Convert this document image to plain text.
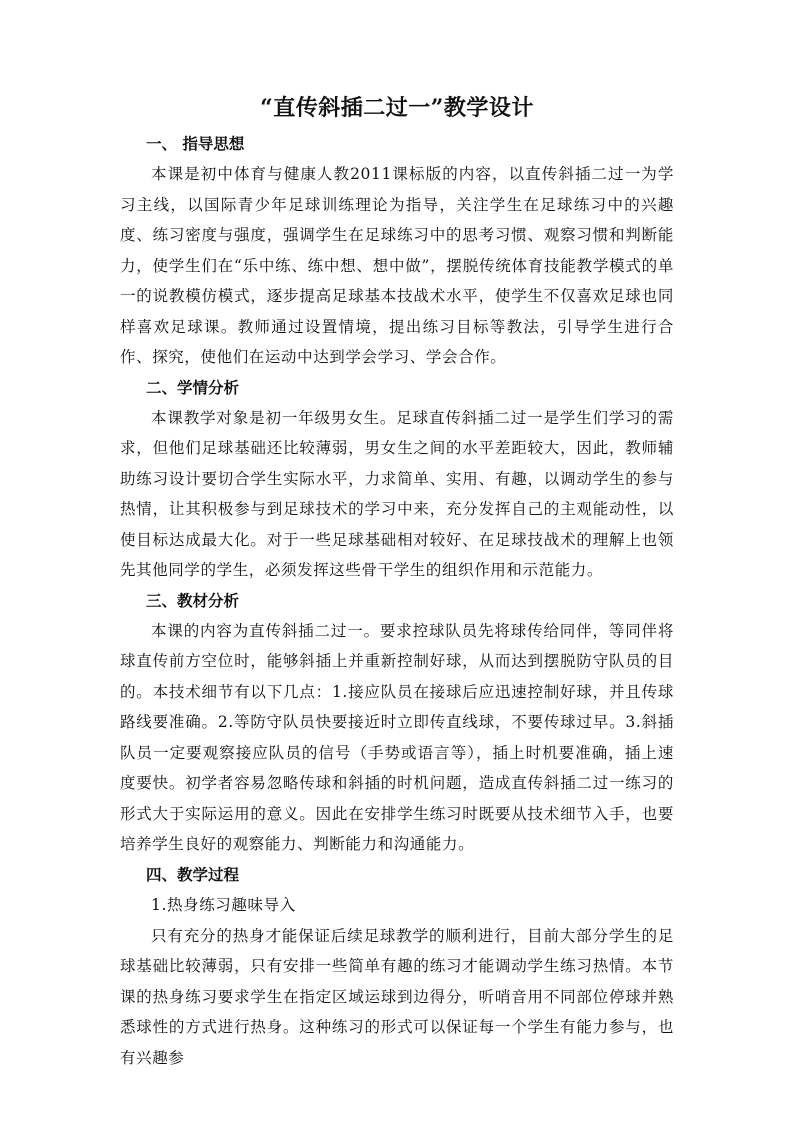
“直传斜插二过一”教学设计
一、 指导思想

本课是初中体育与健康人教2011课标版的内容，以直传斜插二过一为学习主线，以国际青少年足球训练理论为指导，关注学生在足球练习中的兴趣度、练习密度与强度，强调学生在足球练习中的思考习惯、观察习惯和判断能力，使学生们在“乐中练、练中想、想中做”，摆脱传统体育技能教学模式的单一的说教模仿模式，逐步提高足球基本技战术水平，使学生不仅喜欢足球也同样喜欢足球课。教师通过设置情境，提出练习目标等教法，引导学生进行合作、探究，使他们在运动中达到学会学习、学会合作。

二、学情分析

本课教学对象是初一年级男女生。足球直传斜插二过一是学生们学习的需求，但他们足球基础还比较薄弱，男女生之间的水平差距较大，因此，教师辅助练习设计要切合学生实际水平，力求简单、实用、有趣，以调动学生的参与热情，让其积极参与到足球技术的学习中来，充分发挥自己的主观能动性，以使目标达成最大化。对于一些足球基础相对较好、在足球技战术的理解上也领先其他同学的学生，必须发挥这些骨干学生的组织作用和示范能力。

三、教材分析

本课的内容为直传斜插二过一。要求控球队员先将球传给同伴，等同伴将球直传前方空位时，能够斜插上并重新控制好球，从而达到摆脱防守队员的目的。本技术细节有以下几点：1.接应队员在接球后应迅速控制好球，并且传球路线要准确。2.等防守队员快要接近时立即传直线球，不要传球过早。3.斜插队员一定要观察接应队员的信号（手势或语言等），插上时机要准确，插上速度要快。初学者容易忽略传球和斜插的时机问题，造成直传斜插二过一练习的形式大于实际运用的意义。因此在安排学生练习时既要从技术细节入手，也要培养学生良好的观察能力、判断能力和沟通能力。

四、教学过程

1.热身练习趣味导入

只有充分的热身才能保证后续足球教学的顺利进行，目前大部分学生的足球基础比较薄弱，只有安排一些简单有趣的练习才能调动学生练习热情。本节课的热身练习要求学生在指定区域运球到边得分，听哨音用不同部位停球并熟悉球性的方式进行热身。这种练习的形式可以保证每一个学生有能力参与，也有兴趣参
